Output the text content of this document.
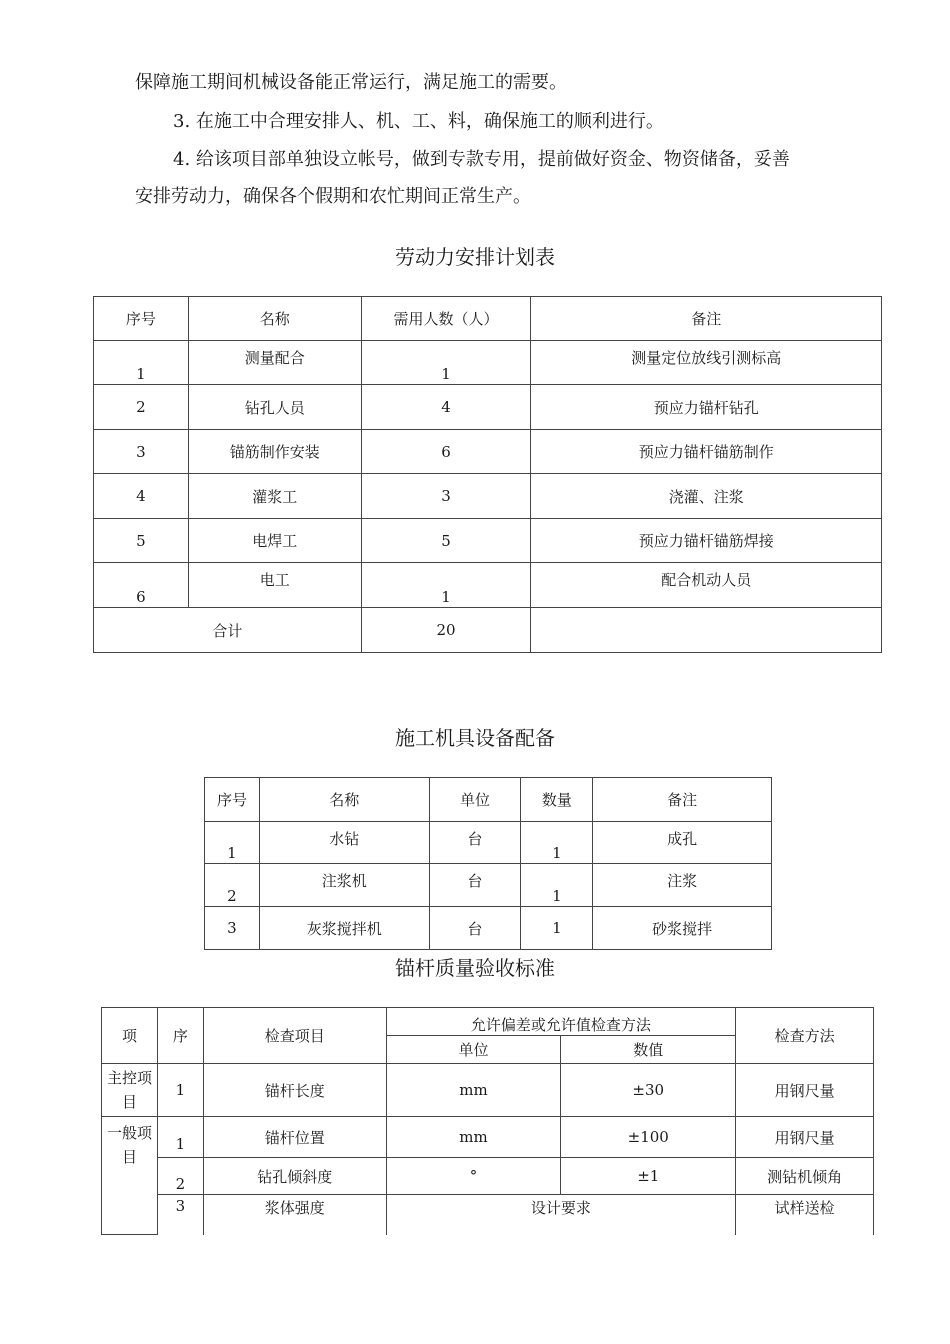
保障施工期间机械设备能正常运行，满足施工的需要。

3. 在施工中合理安排人、机、工、料，确保施工的顺利进行。

4. 给该项目部单独设立帐号，做到专款专用，提前做好资金、物资储备，妥善

安排劳动力，确保各个假期和农忙期间正常生产。

劳动力安排计划表
序号	名称	需用人数（人）	备注
1	测量配合	1	测量定位放线引测标高
2	钻孔人员	4	预应力锚杆钻孔
3	锚筋制作安装	6	预应力锚杆锚筋制作
4	灌浆工	3	浇灌、注浆
5	电焊工	5	预应力锚杆锚筋焊接
6	电工	1	配合机动人员
合计		20	
施工机具设备配备
序号	名称	单位	数量	备注
1	水钻	台	1	成孔
2	注浆机	台	1	注浆
3	灰浆搅拌机	台	1	砂浆搅拌
锚杆质量验收标准
项	序	检查项目	允许偏差或允许值检查方法		检查方法
			单位	数值	
主控项目	1	锚杆长度	mm	±30	用钢尺量
一般项目	1	锚杆位置	mm	±100	用钢尺量
	2	钻孔倾斜度	°	±1	测钻机倾角
	3	浆体强度	设计要求		试样送检
